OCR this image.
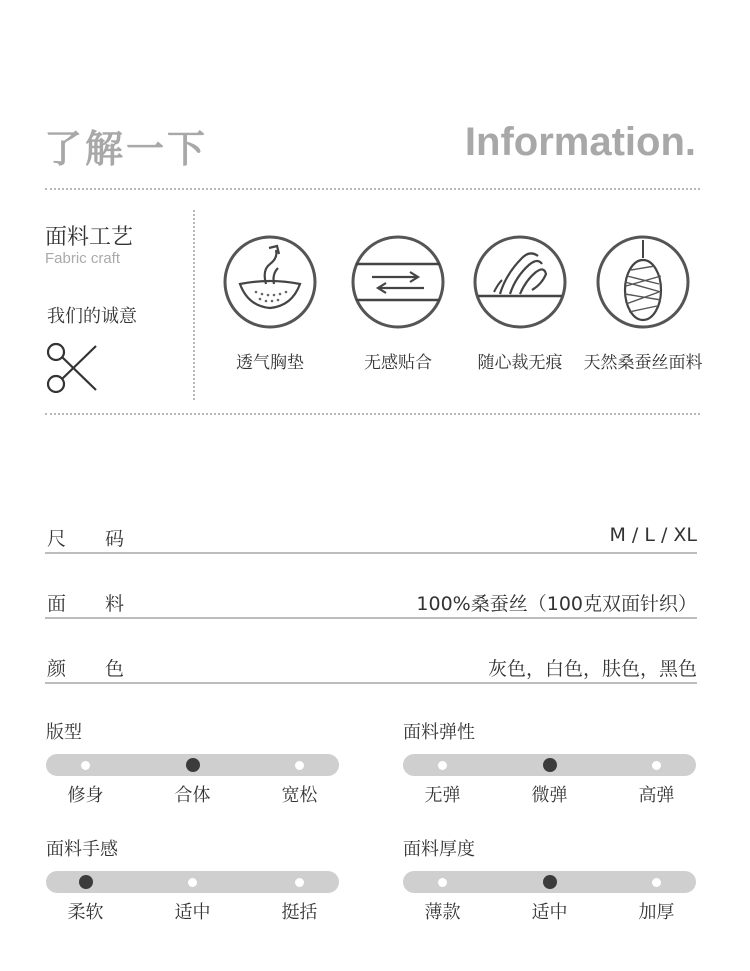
了解一下	Information.
面料工艺
Fabric craft
我们的诚意
透气胸垫	无感贴合	随心裁无痕	天然桑蚕丝面料
尺 码	M / L / XL
面 料	100%桑蚕丝（100克双面针织）
颜 色	灰色，白色，肤色，黑色
版型	面料弹性
面料手感	面料厚度
修身	合体	宽松	无弹	微弹	高弹
柔软	适中	挺括	薄款	适中	加厚
